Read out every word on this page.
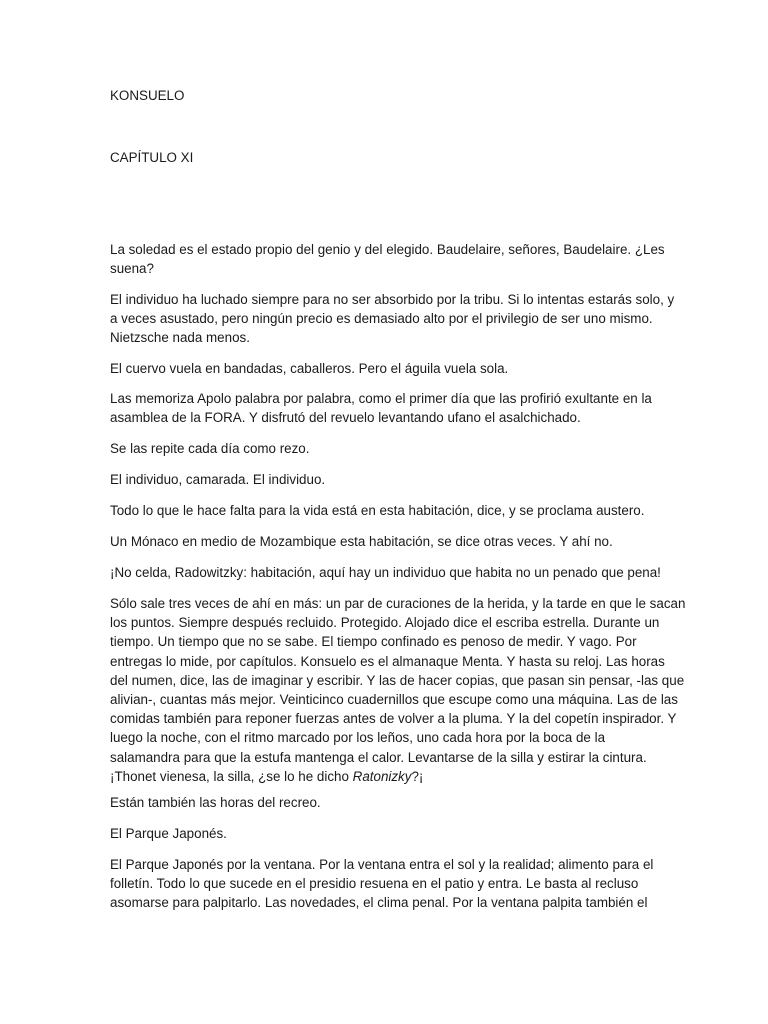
KONSUELO
CAPÍTULO XI

La soledad es el estado propio del genio y del elegido. Baudelaire, señores, Baudelaire. ¿Les
suena?

El individuo ha luchado siempre para no ser absorbido por la tribu. Si lo intentas estarás solo, y
a veces asustado, pero ningún precio es demasiado alto por el privilegio de ser uno mismo.
Nietzsche nada menos.

El cuervo vuela en bandadas, caballeros. Pero el águila vuela sola.

Las memoriza Apolo palabra por palabra, como el primer día que las profirió exultante en la
asamblea de la FORA. Y disfrutó del revuelo levantando ufano el asalchichado.

Se las repite cada día como rezo.

El individuo, camarada. El individuo.

Todo lo que le hace falta para la vida está en esta habitación, dice, y se proclama austero.

Un Mónaco en medio de Mozambique esta habitación, se dice otras veces. Y ahí no.

¡No celda, Radowitzky: habitación, aquí hay un individuo que habita no un penado que pena!

Sólo sale tres veces de ahí en más: un par de curaciones de la herida, y la tarde en que le sacan
los puntos. Siempre después recluido. Protegido. Alojado dice el escriba estrella. Durante un
tiempo. Un tiempo que no se sabe. El tiempo confinado es penoso de medir. Y vago. Por
entregas lo mide, por capítulos. Konsuelo es el almanaque Menta. Y hasta su reloj. Las horas
del numen, dice, las de imaginar y escribir. Y las de hacer copias, que pasan sin pensar, -las que
alivian-, cuantas más mejor. Veinticinco cuadernillos que escupe como una máquina. Las de las
comidas también para reponer fuerzas antes de volver a la pluma. Y la del copetín inspirador. Y
luego la noche, con el ritmo marcado por los leños, uno cada hora por la boca de la
salamandra para que la estufa mantenga el calor. Levantarse de la silla y estirar la cintura.
¡Thonet vienesa, la silla, ¿se lo he dicho Ratonizky?¡

Están también las horas del recreo.

El Parque Japonés.

El Parque Japonés por la ventana. Por la ventana entra el sol y la realidad; alimento para el
folletín. Todo lo que sucede en el presidio resuena en el patio y entra. Le basta al recluso
asomarse para palpitarlo. Las novedades, el clima penal. Por la ventana palpita también el
